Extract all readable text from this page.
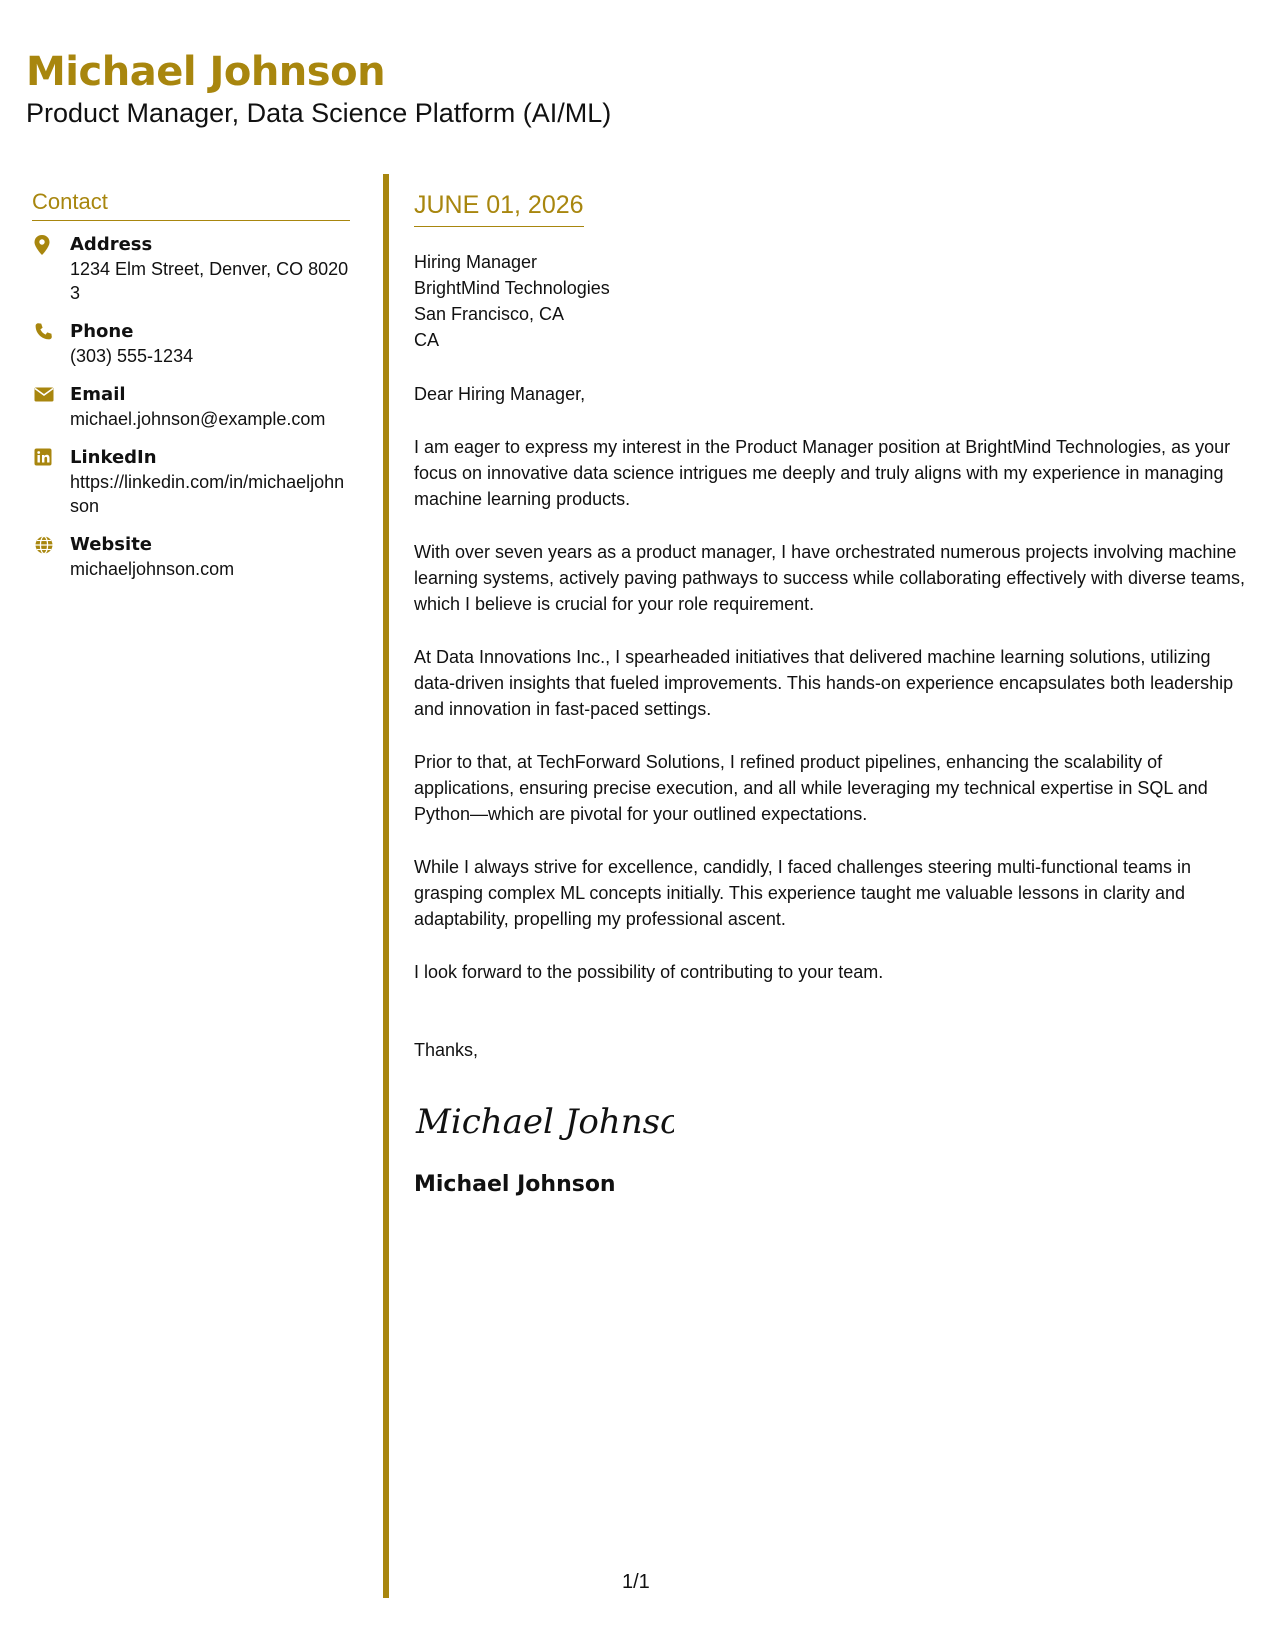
Michael Johnson
Product Manager, Data Science Platform (AI/ML)
Contact
Address
1234 Elm Street, Denver, CO 80203
Phone
(303) 555-1234
Email
michael.johnson@example.com
LinkedIn
https://linkedin.com/in/michaeljohnson
Website
michaeljohnson.com
JUNE 01, 2026
Hiring Manager
BrightMind Technologies
San Francisco, CA
CA
Dear Hiring Manager,
I am eager to express my interest in the Product Manager position at BrightMind Technologies, as your focus on innovative data science intrigues me deeply and truly aligns with my experience in managing machine learning products.
With over seven years as a product manager, I have orchestrated numerous projects involving machine learning systems, actively paving pathways to success while collaborating effectively with diverse teams, which I believe is crucial for your role requirement.
At Data Innovations Inc., I spearheaded initiatives that delivered machine learning solutions, utilizing data-driven insights that fueled improvements. This hands-on experience encapsulates both leadership and innovation in fast-paced settings.
Prior to that, at TechForward Solutions, I refined product pipelines, enhancing the scalability of applications, ensuring precise execution, and all while leveraging my technical expertise in SQL and Python—which are pivotal for your outlined expectations.
While I always strive for excellence, candidly, I faced challenges steering multi-functional teams in grasping complex ML concepts initially. This experience taught me valuable lessons in clarity and adaptability, propelling my professional ascent.
I look forward to the possibility of contributing to your team.
Thanks,
Michael Johnson
Michael Johnson
1/1
